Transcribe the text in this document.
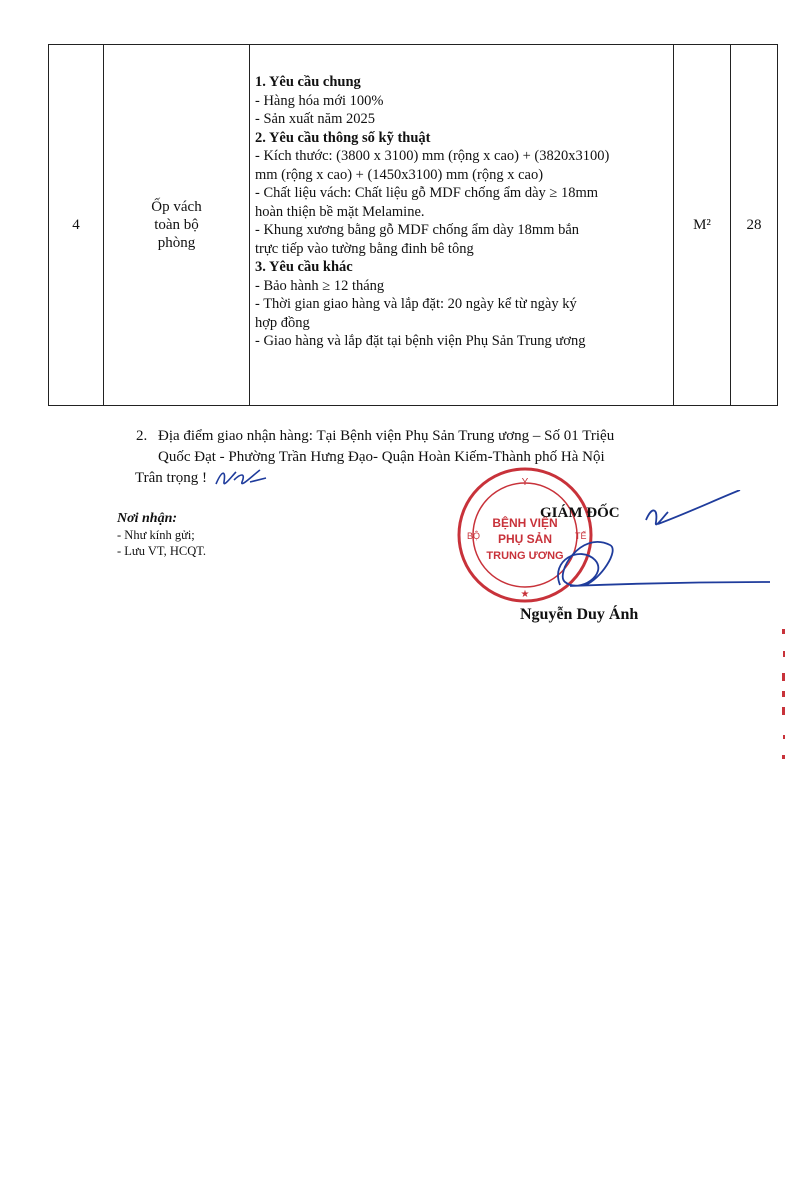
4
Ốp vách
toàn bộ
phòng
1. Yêu cầu chung
- Hàng hóa mới 100%
- Sản xuất năm 2025
2. Yêu cầu thông số kỹ thuật
- Kích thước: (3800 x 3100) mm (rộng x cao) + (3820x3100)
mm (rộng x cao) + (1450x3100) mm (rộng x cao)
- Chất liệu vách: Chất liệu gỗ MDF chống ẩm dày ≥ 18mm
hoàn thiện bề mặt Melamine.
- Khung xương bằng gỗ MDF chống ẩm dày 18mm bắn
trực tiếp vào tường bằng đinh bê tông
3. Yêu cầu khác
- Bảo hành ≥ 12 tháng
- Thời gian giao hàng và lắp đặt: 20 ngày kể từ ngày ký
hợp đồng
- Giao hàng và lắp đặt tại bệnh viện Phụ Sản Trung ương
M²	28
2. Địa điểm giao nhận hàng: Tại Bệnh viện Phụ Sản Trung ương – Số 01 Triệu
Quốc Đạt - Phường Trần Hưng Đạo- Quận Hoàn Kiếm-Thành phố Hà Nội
Trân trọng !
Nơi nhận:
- Như kính gửi;
- Lưu VT, HCQT.
Y
BỘ	TẾ
BỆNH VIỆN
PHỤ SẢN
TRUNG ƯƠNG
★
GIÁM ĐỐC
Nguyễn Duy Ánh
